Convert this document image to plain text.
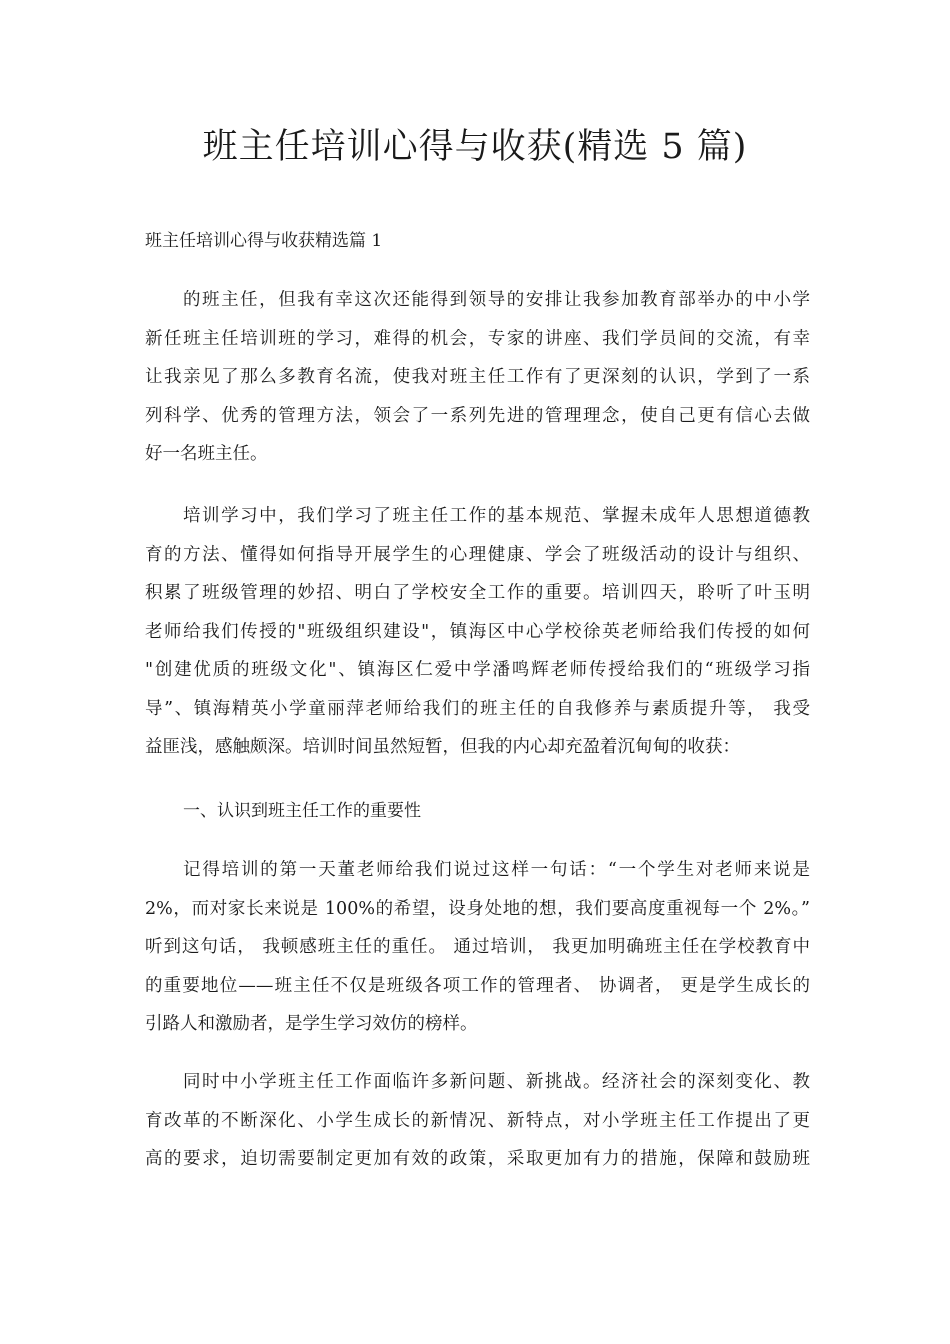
班主任培训心得与收获(精选 5 篇)
班主任培训心得与收获精选篇 1

的班主任，但我有幸这次还能得到领导的安排让我参加教育部举办的中小学
新任班主任培训班的学习，难得的机会，专家的讲座、我们学员间的交流，有幸
让我亲见了那么多教育名流，使我对班主任工作有了更深刻的认识，学到了一系
列科学、优秀的管理方法，领会了一系列先进的管理理念，使自己更有信心去做
好一名班主任。

培训学习中，我们学习了班主任工作的基本规范、掌握未成年人思想道德教
育的方法、懂得如何指导开展学生的心理健康、学会了班级活动的设计与组织、
积累了班级管理的妙招、明白了学校安全工作的重要。培训四天，聆听了叶玉明
老师给我们传授的"班级组织建设"，镇海区中心学校徐英老师给我们传授的如何
"创建优质的班级文化"、镇海区仁爱中学潘鸣辉老师传授给我们的“班级学习指
导”、镇海精英小学童丽萍老师给我们的班主任的自我修养与素质提升等， 我受
益匪浅，感触颇深。培训时间虽然短暂，但我的内心却充盈着沉甸甸的收获：

一、认识到班主任工作的重要性

记得培训的第一天董老师给我们说过这样一句话：“一个学生对老师来说是
2%，而对家长来说是 100%的希望，设身处地的想，我们要高度重视每一个 2%。”
听到这句话， 我顿感班主任的重任。 通过培训， 我更加明确班主任在学校教育中
的重要地位——班主任不仅是班级各项工作的管理者、 协调者， 更是学生成长的
引路人和激励者，是学生学习效仿的榜样。

同时中小学班主任工作面临许多新问题、新挑战。经济社会的深刻变化、教
育改革的不断深化、小学生成长的新情况、新特点，对小学班主任工作提出了更
高的要求，迫切需要制定更加有效的政策，采取更加有力的措施，保障和鼓励班
